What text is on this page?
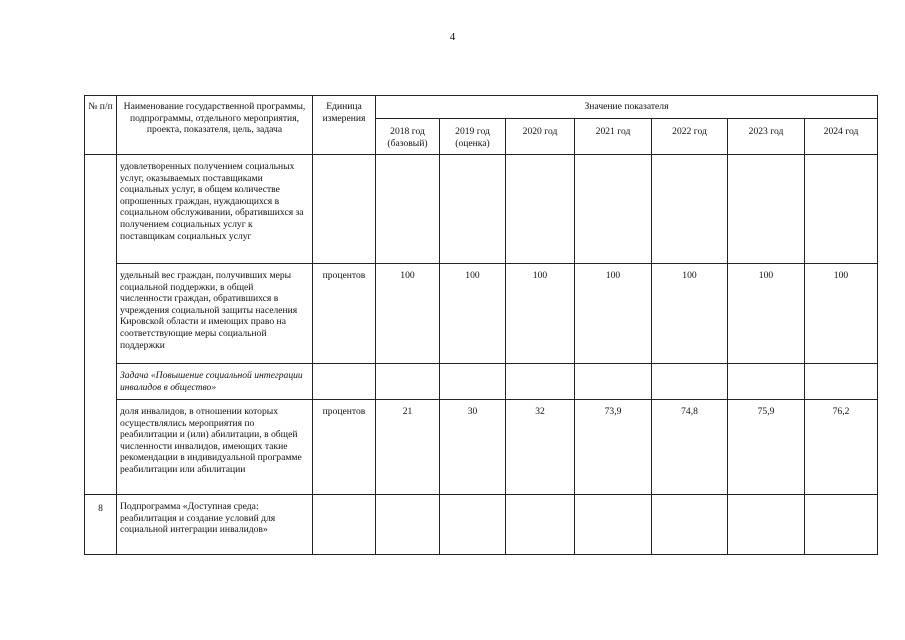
4
№ п/п	Наименование государственной программы, подпрограммы, отдельного мероприятия, проекта, показателя, цель, задача	Единица измерения	Значение показателя						
			2018 год (базовый)	2019 год (оценка)	2020 год	2021 год	2022 год	2023 год	2024 год
	удовлетворенных получением социальных услуг, оказываемых поставщиками социальных услуг, в общем количестве опрошенных граждан, нуждающихся в социальном обслуживании, обратившихся за получением социальных услуг к поставщикам социальных услуг								
	удельный вес граждан, получивших меры социальной поддержки, в общей численности граждан, обратившихся в учреждения социальной защиты населения Кировской области и имеющих право на соответствующие меры социальной поддержки	процентов	100	100	100	100	100	100	100
	Задача «Повышение социальной интеграции инвалидов в общество»								
	доля инвалидов, в отношении которых осуществлялись мероприятия по реабилитации и (или) абилитации, в общей численности инвалидов, имеющих такие рекомендации в индивидуальной программе реабилитации или абилитации	процентов	21	30	32	73,9	74,8	75,9	76,2
8	Подпрограмма «Доступная среда: реабилитация и создание условий для социальной интеграции инвалидов»								
